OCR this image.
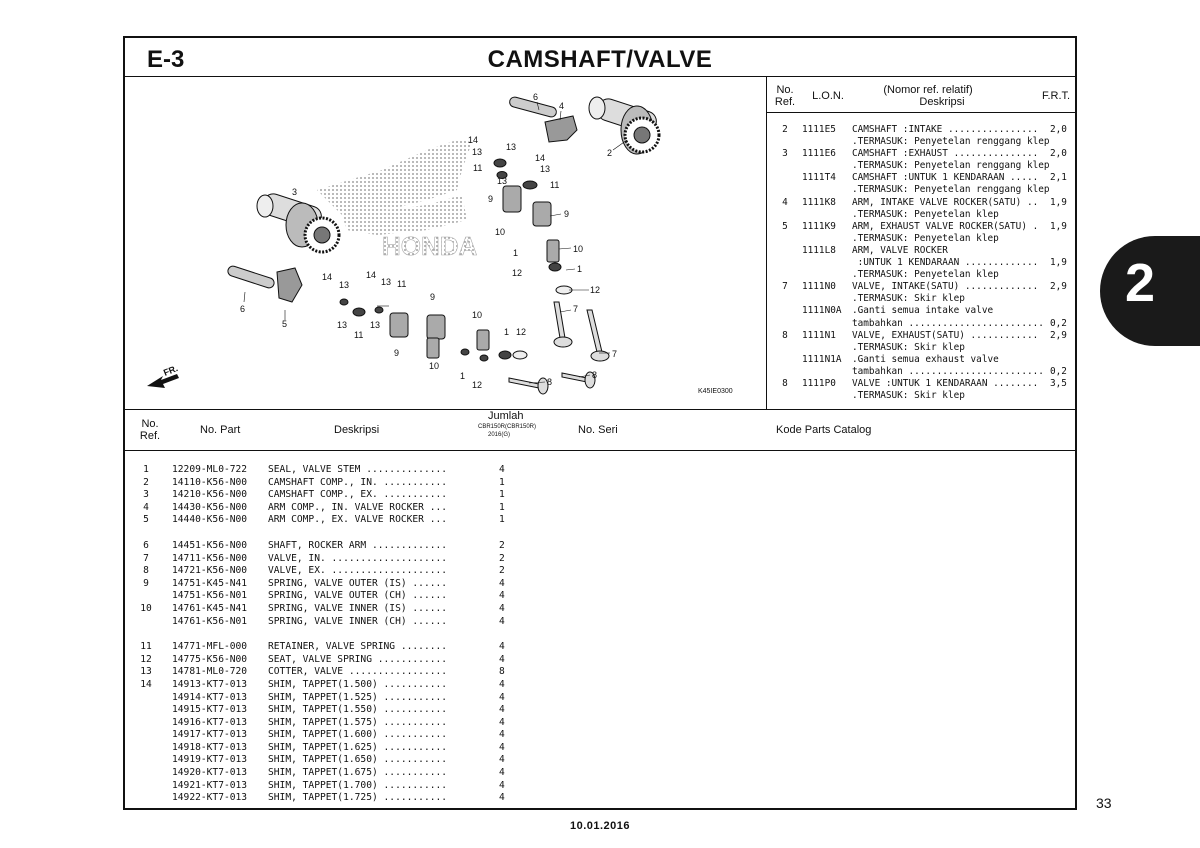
E-3	CAMSHAFT/VALVE
No.
Ref.	L.O.N.	(Nomor ref. relatif)
Deskripsi	F.R.T.
2	1111E5 CAMSHAFT :INTAKE ................ 2,0
.TERMASUK: Penyetelan renggang klep
3	1111E6 CAMSHAFT :EXHAUST ............... 2,0
.TERMASUK: Penyetelan renggang klep
1111T4 CAMSHAFT :UNTUK 1 KENDARAAN ..... 2,1
.TERMASUK: Penyetelan renggang klep
4	1111K8 ARM, INTAKE VALVE ROCKER(SATU) .. 1,9
.TERMASUK: Penyetelan klep
5	1111K9 ARM, EXHAUST VALVE ROCKER(SATU) . 1,9
.TERMASUK: Penyetelan klep
1111L8 ARM, VALVE ROCKER
:UNTUK 1 KENDARAAN ............. 1,9
.TERMASUK: Penyetelan klep
7	1111N0 VALVE, INTAKE(SATU) ............. 2,9
.TERMASUK: Skir klep
1111N0A .Ganti semua intake valve
tambahkan ........................ 0,2
8	1111N1 VALVE, EXHAUST(SATU) ............ 2,9
.TERMASUK: Skir klep
1111N1A .Ganti semua exhaust valve
tambahkan ........................ 0,2
8	1111P0 VALVE :UNTUK 1 KENDARAAN ........ 3,5
.TERMASUK: Skir klep
HONDA
FR.
6
4
2
14
13	13
14
11	13
13	11
9
9
10
1	10
12	1
12
7
7
8
8
3
6
5
14
13
14
13 11
13	13
11
9
10
9
10
1 12
1
12
K45IE0300
No.
Ref.	No. Part	Deskripsi
Jumlah
CBR150R(CBR150R)
2016(G)	No. Seri	Kode Parts Catalog
1	12209-ML0-722 SEAL, VALVE STEM ..............	4
2	14110-K56-N00 CAMSHAFT COMP., IN. ...........	1
3	14210-K56-N00 CAMSHAFT COMP., EX. ...........	1
4	14430-K56-N00 ARM COMP., IN. VALVE ROCKER ...	1
5	14440-K56-N00 ARM COMP., EX. VALVE ROCKER ...	1
6	14451-K56-N00 SHAFT, ROCKER ARM .............	2
7	14711-K56-N00 VALVE, IN. ....................	2
8	14721-K56-N00 VALVE, EX. ....................	2
9	14751-K45-N41 SPRING, VALVE OUTER (IS) ......	4
14751-K56-N01 SPRING, VALVE OUTER (CH) ......	4
10 14761-K45-N41 SPRING, VALVE INNER (IS) ......	4
14761-K56-N01 SPRING, VALVE INNER (CH) ......	4
11 14771-MFL-000 RETAINER, VALVE SPRING ........	4
12 14775-K56-N00 SEAT, VALVE SPRING ............	4
13 14781-ML0-720 COTTER, VALVE .................	8
14 14913-KT7-013 SHIM, TAPPET(1.500) ...........	4
14914-KT7-013 SHIM, TAPPET(1.525) ...........	4
14915-KT7-013 SHIM, TAPPET(1.550) ...........	4
14916-KT7-013 SHIM, TAPPET(1.575) ...........	4
14917-KT7-013 SHIM, TAPPET(1.600) ...........	4
14918-KT7-013 SHIM, TAPPET(1.625) ...........	4
14919-KT7-013 SHIM, TAPPET(1.650) ...........	4
14920-KT7-013 SHIM, TAPPET(1.675) ...........	4
14921-KT7-013 SHIM, TAPPET(1.700) ...........	4
14922-KT7-013 SHIM, TAPPET(1.725) ...........	4
2
33
10.01.2016
